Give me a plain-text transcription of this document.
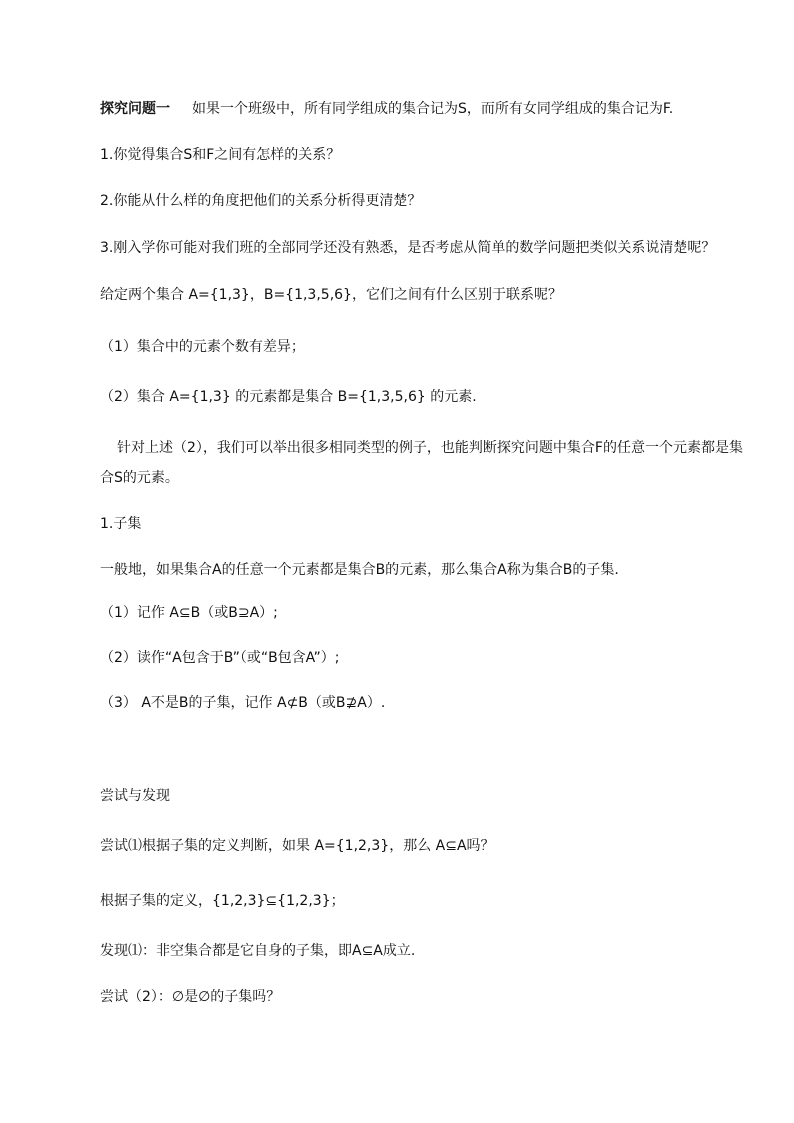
探究问题一 如果一个班级中，所有同学组成的集合记为S，而所有女同学组成的集合记为F.
1.你觉得集合S和F之间有怎样的关系？
2.你能从什么样的角度把他们的关系分析得更清楚？
3.刚入学你可能对我们班的全部同学还没有熟悉，是否考虑从简单的数学问题把类似关系说清楚呢？
给定两个集合 A={1,3}，B={1,3,5,6}，它们之间有什么区别于联系呢？
（1）集合中的元素个数有差异；
（2）集合 A={1,3} 的元素都是集合 B={1,3,5,6} 的元素.
针对上述（2），我们可以举出很多相同类型的例子，也能判断探究问题中集合F的任意一个元素都是集
合S的元素。
1.子集
一般地，如果集合A的任意一个元素都是集合B的元素，那么集合A称为集合B的子集.
（1）记作 A⊆B（或B⊇A）;
（2）读作“A包含于B”（或“B包含A”）;
（3） A不是B的子集，记作 A⊄B（或B⊉A）.
尝试与发现
尝试⑴根据子集的定义判断，如果 A={1,2,3}，那么 A⊆A吗？
根据子集的定义，{1,2,3}⊆{1,2,3}；
发现⑴：非空集合都是它自身的子集，即A⊆A成立.
尝试（2）：∅是∅的子集吗？
